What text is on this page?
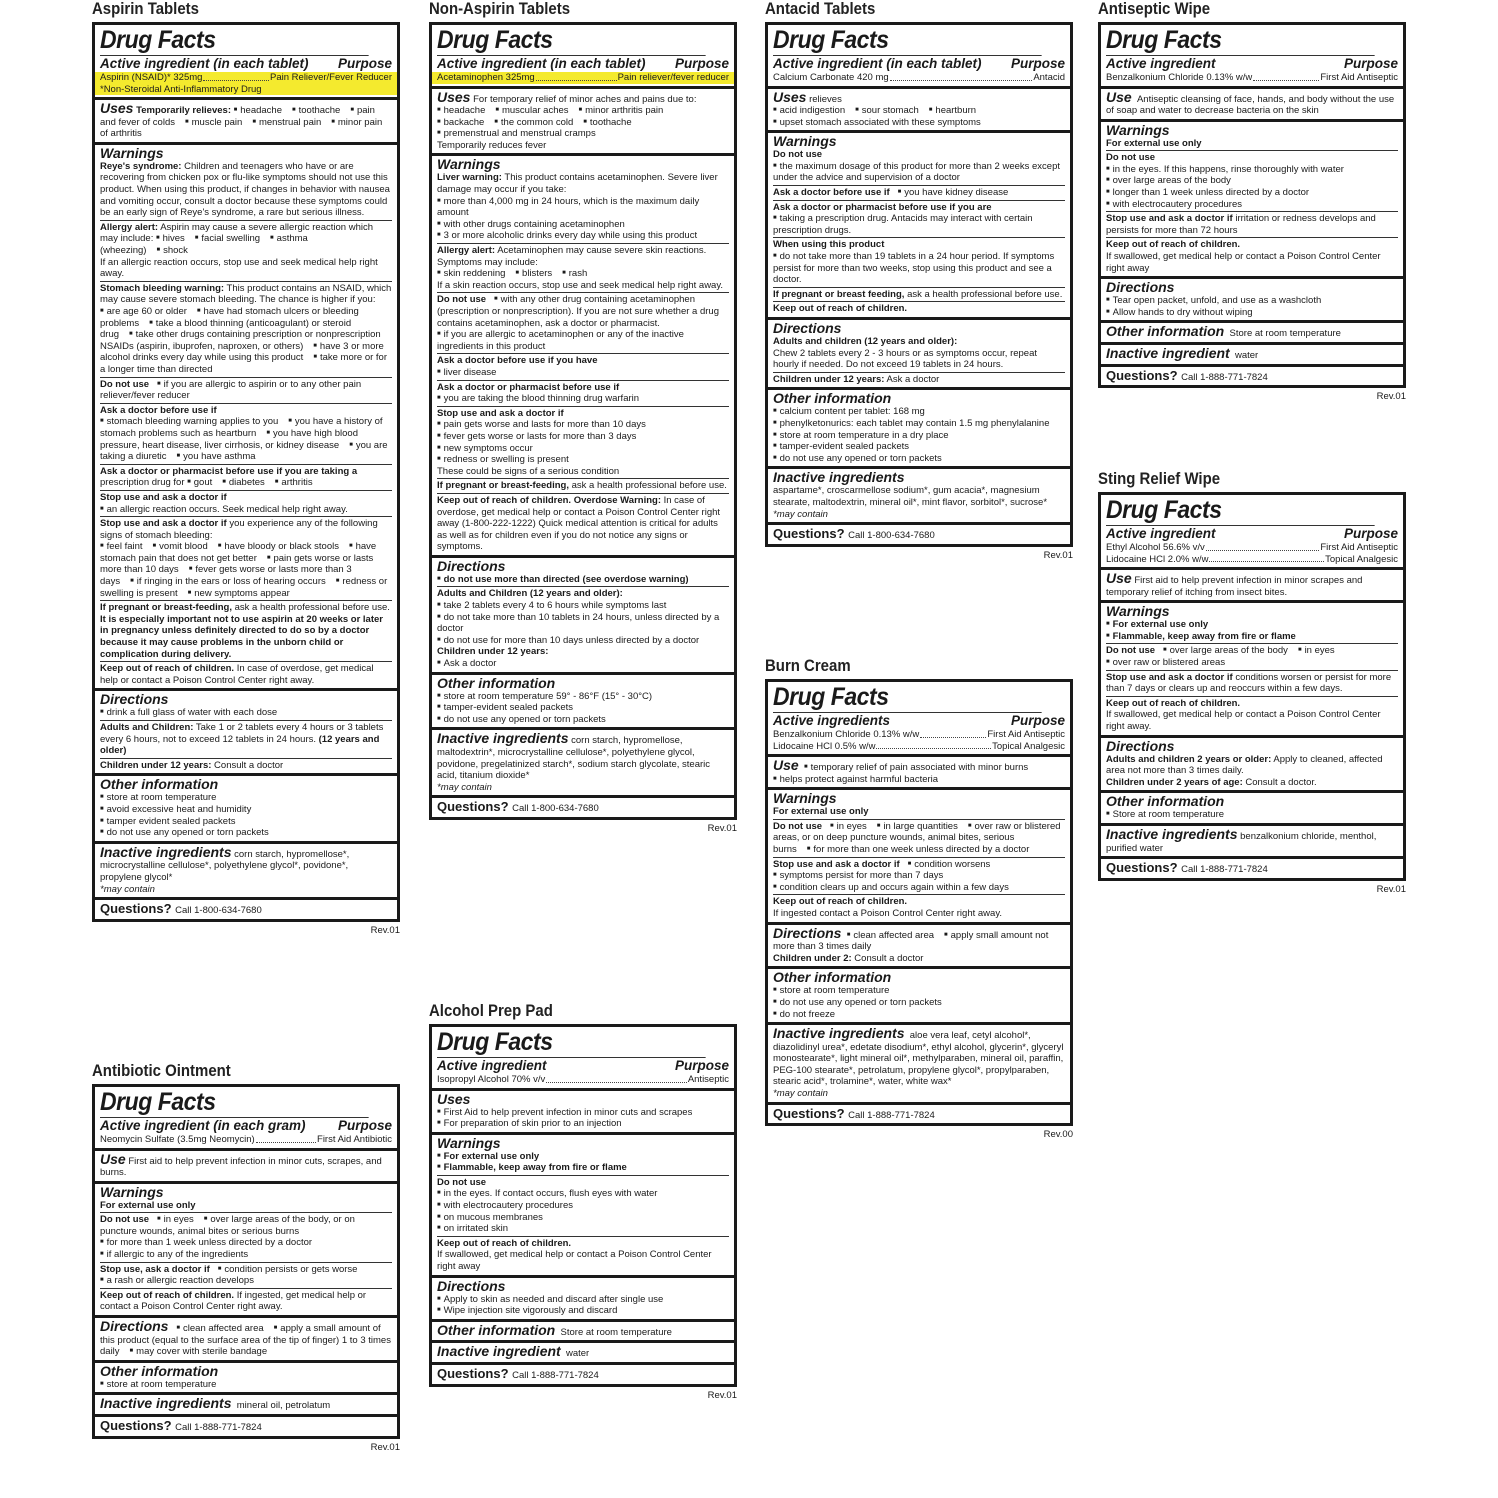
Aspirin Tablets
Drug Facts
Active ingredient (in each tablet) Purpose
Aspirin (NSAID)* 325mg	Pain Reliever/Fever Reducer
*Non-Steroidal Anti-Inflammatory Drug
Uses Temporarily relieves: ■ headache ■ toothache ■ pain and fever of colds ■ muscle pain ■ menstrual pain ■ minor pain of arthritis
Warnings
Reye's syndrome: Children and teenagers who have or are recovering from chicken pox or flu-like symptoms should not use this product. When using this product, if changes in behavior with nausea and vomiting occur, consult a doctor because these symptoms could be an early sign of Reye's syndrome, a rare but serious illness.
Allergy alert: Aspirin may cause a severe allergic reaction which may include: ■ hives ■ facial swelling ■ asthma (wheezing) ■ shock
If an allergic reaction occurs, stop use and seek medical help right away.
Stomach bleeding warning: This product contains an NSAID, which may cause severe stomach bleeding. The chance is higher if you: ■ are age 60 or older ■ have had stomach ulcers or bleeding problems ■ take a blood thinning (anticoagulant) or steroid drug ■ take other drugs containing prescription or nonprescription NSAIDs (aspirin, ibuprofen, naproxen, or others) ■ have 3 or more alcohol drinks every day while using this product ■ take more or for a longer time than directed
Do not use ■ if you are allergic to aspirin or to any other pain reliever/fever reducer
Ask a doctor before use if
■ stomach bleeding warning applies to you ■ you have a history of stomach problems such as heartburn ■ you have high blood pressure, heart disease, liver cirrhosis, or kidney disease ■ you are taking a diuretic ■ you have asthma
Ask a doctor or pharmacist before use if you are taking a prescription drug for ■ gout ■ diabetes ■ arthritis
Stop use and ask a doctor if
■ an allergic reaction occurs. Seek medical help right away.
Stop use and ask a doctor if you experience any of the following signs of stomach bleeding:
■ feel faint ■ vomit blood ■ have bloody or black stools ■ have stomach pain that does not get better ■ pain gets worse or lasts more than 10 days ■ fever gets worse or lasts more than 3 days ■ if ringing in the ears or loss of hearing occurs ■ redness or swelling is present ■ new symptoms appear
If pregnant or breast-feeding, ask a health professional before use. It is especially important not to use aspirin at 20 weeks or later in pregnancy unless definitely directed to do so by a doctor because it may cause problems in the unborn child or complication during delivery.
Keep out of reach of children. In case of overdose, get medical help or contact a Poison Control Center right away.
Directions
■ drink a full glass of water with each dose
Adults and Children: Take 1 or 2 tablets every 4 hours or 3 tablets every 6 hours, not to exceed 12 tablets in 24 hours. (12 years and older)
Children under 12 years: Consult a doctor
Other information
■ store at room temperature
■ avoid excessive heat and humidity
■ tamper evident sealed packets
■ do not use any opened or torn packets
Inactive ingredients corn starch, hypromellose*, microcrystalline cellulose*, polyethylene glycol*, povidone*, propylene glycol*
*may contain
Questions? Call 1-800-634-7680
Rev.01
Antibiotic Ointment
Drug Facts
Active ingredient (in each gram) Purpose
Neomycin Sulfate (3.5mg Neomycin)	First Aid Antibiotic
Use First aid to help prevent infection in minor cuts, scrapes, and burns.
Warnings
For external use only
Do not use ■ in eyes ■ over large areas of the body, or on puncture wounds, animal bites or serious burns
■ for more than 1 week unless directed by a doctor
■ if allergic to any of the ingredients
Stop use, ask a doctor if ■ condition persists or gets worse
■ a rash or allergic reaction develops
Keep out of reach of children. If ingested, get medical help or contact a Poison Control Center right away.
Directions ■ clean affected area ■ apply a small amount of this product (equal to the surface area of the tip of finger) 1 to 3 times daily ■ may cover with sterile bandage
Other information
■ store at room temperature
Inactive ingredients mineral oil, petrolatum
Questions? Call 1-888-771-7824
Rev.01
Non-Aspirin Tablets
Drug Facts
Active ingredient (in each tablet) Purpose
Acetaminophen 325mg	Pain reliever/fever reducer
Uses For temporary relief of minor aches and pains due to:
■ headache ■ muscular aches ■ minor arthritis pain
■ backache ■ the common cold ■ toothache
■ premenstrual and menstrual cramps
Temporarily reduces fever
Warnings
Liver warning: This product contains acetaminophen. Severe liver damage may occur if you take:
■ more than 4,000 mg in 24 hours, which is the maximum daily amount
■ with other drugs containing acetaminophen
■ 3 or more alcoholic drinks every day while using this product
Allergy alert: Acetaminophen may cause severe skin reactions. Symptoms may include:
■ skin reddening ■ blisters ■ rash
If a skin reaction occurs, stop use and seek medical help right away.
Do not use ■ with any other drug containing acetaminophen (prescription or nonprescription). If you are not sure whether a drug contains acetaminophen, ask a doctor or pharmacist.
■ if you are allergic to acetaminophen or any of the inactive ingredients in this product
Ask a doctor before use if you have
■ liver disease
Ask a doctor or pharmacist before use if
■ you are taking the blood thinning drug warfarin
Stop use and ask a doctor if
■ pain gets worse and lasts for more than 10 days
■ fever gets worse or lasts for more than 3 days
■ new symptoms occur
■ redness or swelling is present
These could be signs of a serious condition
If pregnant or breast-feeding, ask a health professional before use.
Keep out of reach of children. Overdose Warning: In case of overdose, get medical help or contact a Poison Control Center right away (1-800-222-1222) Quick medical attention is critical for adults as well as for children even if you do not notice any signs or symptoms.
Directions
■ do not use more than directed (see overdose warning)
Adults and Children (12 years and older):
■ take 2 tablets every 4 to 6 hours while symptoms last
■ do not take more than 10 tablets in 24 hours, unless directed by a doctor
■ do not use for more than 10 days unless directed by a doctor
Children under 12 years:
■ Ask a doctor
Other information
■ store at room temperature 59° - 86°F (15° - 30°C)
■ tamper-evident sealed packets
■ do not use any opened or torn packets
Inactive ingredients corn starch, hypromellose, maltodextrin*, microcrystalline cellulose*, polyethylene glycol, povidone, pregelatinized starch*, sodium starch glycolate, stearic acid, titanium dioxide*
*may contain
Questions? Call 1-800-634-7680
Rev.01
Alcohol Prep Pad
Drug Facts
Active ingredient	Purpose
Isopropyl Alcohol 70% v/v	Antiseptic
Uses
■ First Aid to help prevent infection in minor cuts and scrapes
■ For preparation of skin prior to an injection
Warnings
■ For external use only
■ Flammable, keep away from fire or flame
Do not use
■ in the eyes. If contact occurs, flush eyes with water
■ with electrocautery procedures
■ on mucous membranes
■ on irritated skin
Keep out of reach of children.
If swallowed, get medical help or contact a Poison Control Center right away
Directions
■ Apply to skin as needed and discard after single use
■ Wipe injection site vigorously and discard
Other information Store at room temperature
Inactive ingredient water
Questions? Call 1-888-771-7824
Rev.01
Antacid Tablets
Drug Facts
Active ingredient (in each tablet) Purpose
Calcium Carbonate 420 mg	Antacid
Uses relieves
■ acid indigestion ■ sour stomach ■ heartburn
■ upset stomach associated with these symptoms
Warnings
Do not use
■ the maximum dosage of this product for more than 2 weeks except under the advice and supervision of a doctor
Ask a doctor before use if ■ you have kidney disease
Ask a doctor or pharmacist before use if you are
■ taking a prescription drug. Antacids may interact with certain prescription drugs.
When using this product
■ do not take more than 19 tablets in a 24 hour period. If symptoms persist for more than two weeks, stop using this product and see a doctor.
If pregnant or breast feeding, ask a health professional before use.
Keep out of reach of children.
Directions
Adults and children (12 years and older):
Chew 2 tablets every 2 - 3 hours or as symptoms occur, repeat hourly if needed. Do not exceed 19 tablets in 24 hours.
Children under 12 years: Ask a doctor
Other information
■ calcium content per tablet: 168 mg
■ phenylketonurics: each tablet may contain 1.5 mg phenylalanine
■ store at room temperature in a dry place
■ tamper-evident sealed packets
■ do not use any opened or torn packets
Inactive ingredients
aspartame*, croscarmellose sodium*, gum acacia*, magnesium stearate, maltodextrin, mineral oil*, mint flavor, sorbitol*, sucrose*
*may contain
Questions? Call 1-800-634-7680
Rev.01
Burn Cream
Drug Facts
Active ingredients	Purpose
Benzalkonium Chloride 0.13% w/w	First Aid Antiseptic
Lidocaine HCl 0.5% w/w	Topical Analgesic
Use ■ temporary relief of pain associated with minor burns
■ helps protect against harmful bacteria
Warnings
For external use only
Do not use ■ in eyes ■ in large quantities ■ over raw or blistered areas, or on deep puncture wounds, animal bites, serious burns ■ for more than one week unless directed by a doctor
Stop use and ask a doctor if ■ condition worsens
■ symptoms persist for more than 7 days
■ condition clears up and occurs again within a few days
Keep out of reach of children.
If ingested contact a Poison Control Center right away.
Directions ■ clean affected area ■ apply small amount not more than 3 times daily
Children under 2: Consult a doctor
Other information
■ store at room temperature
■ do not use any opened or torn packets
■ do not freeze
Inactive ingredients aloe vera leaf, cetyl alcohol*, diazolidinyl urea*, edetate disodium*, ethyl alcohol, glycerin*, glyceryl monostearate*, light mineral oil*, methylparaben, mineral oil, paraffin, PEG-100 stearate*, petrolatum, propylene glycol*, propylparaben, stearic acid*, trolamine*, water, white wax*
*may contain
Questions? Call 1-888-771-7824
Rev.00
Antiseptic Wipe
Drug Facts
Active ingredient	Purpose
Benzalkonium Chloride 0.13% w/w	First Aid Antiseptic
Use Antiseptic cleansing of face, hands, and body without the use of soap and water to decrease bacteria on the skin
Warnings
For external use only
Do not use
■ in the eyes. If this happens, rinse thoroughly with water
■ over large areas of the body
■ longer than 1 week unless directed by a doctor
■ with electrocautery procedures
Stop use and ask a doctor if irritation or redness develops and persists for more than 72 hours
Keep out of reach of children.
If swallowed, get medical help or contact a Poison Control Center right away
Directions
■ Tear open packet, unfold, and use as a washcloth
■ Allow hands to dry without wiping
Other information Store at room temperature
Inactive ingredient water
Questions? Call 1-888-771-7824
Rev.01
Sting Relief Wipe
Drug Facts
Active ingredient	Purpose
Ethyl Alcohol 56.6% v/v	First Aid Antiseptic
Lidocaine HCl 2.0% w/w	Topical Analgesic
Use First aid to help prevent infection in minor scrapes and temporary relief of itching from insect bites.
Warnings
■ For external use only
■ Flammable, keep away from fire or flame
Do not use ■ over large areas of the body ■ in eyes
■ over raw or blistered areas
Stop use and ask a doctor if conditions worsen or persist for more than 7 days or clears up and reoccurs within a few days.
Keep out of reach of children.
If swallowed, get medical help or contact a Poison Control Center right away.
Directions
Adults and children 2 years or older: Apply to cleaned, affected area not more than 3 times daily.
Children under 2 years of age: Consult a doctor.
Other information
■ Store at room temperature
Inactive ingredients benzalkonium chloride, menthol, purified water
Questions? Call 1-888-771-7824
Rev.01
